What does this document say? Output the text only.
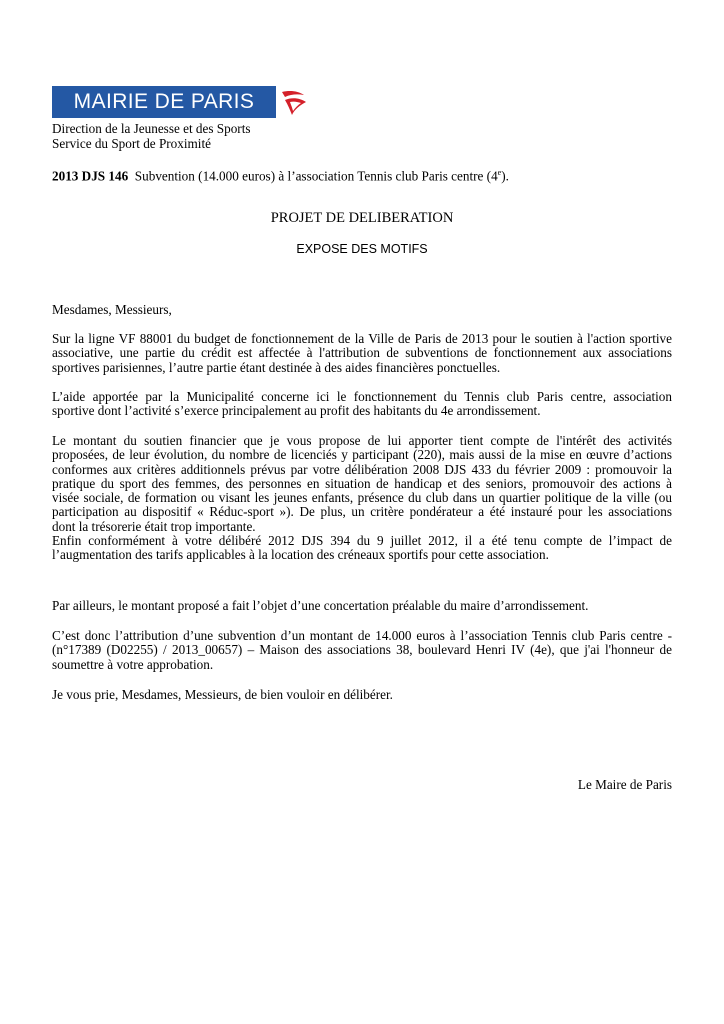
MAIRIE DE PARIS
Direction de la Jeunesse et des Sports
Service du Sport de Proximité
2013 DJS 146 Subvention (14.000 euros) à l’association Tennis club Paris centre (4e).
PROJET DE DELIBERATION
EXPOSE DES MOTIFS
Mesdames, Messieurs,
Sur la ligne VF 88001 du budget de fonctionnement de la Ville de Paris de 2013 pour le soutien à l'action sportive
associative, une partie du crédit est affectée à l'attribution de subventions de fonctionnement aux associations
sportives parisiennes, l’autre partie étant destinée à des aides financières ponctuelles.
L’aide apportée par la Municipalité concerne ici le fonctionnement du Tennis club Paris centre, association
sportive dont l’activité s’exerce principalement au profit des habitants du 4e arrondissement.
Le montant du soutien financier que je vous propose de lui apporter tient compte de l'intérêt des activités
proposées, de leur évolution, du nombre de licenciés y participant (220), mais aussi de la mise en œuvre d’actions
conformes aux critères additionnels prévus par votre délibération 2008 DJS 433 du février 2009 : promouvoir la
pratique du sport des femmes, des personnes en situation de handicap et des seniors, promouvoir des actions à
visée sociale, de formation ou visant les jeunes enfants, présence du club dans un quartier politique de la ville (ou
participation au dispositif « Réduc-sport »). De plus, un critère pondérateur a été instauré pour les associations
dont la trésorerie était trop importante.
Enfin conformément à votre délibéré 2012 DJS 394 du 9 juillet 2012, il a été tenu compte de l’impact de
l’augmentation des tarifs applicables à la location des créneaux sportifs pour cette association.
Par ailleurs, le montant proposé a fait l’objet d’une concertation préalable du maire d’arrondissement.
C’est donc l’attribution d’une subvention d’un montant de 14.000 euros à l’association Tennis club Paris centre -
(n°17389 (D02255) / 2013_00657) – Maison des associations 38, boulevard Henri IV (4e), que j'ai l'honneur de
soumettre à votre approbation.
Je vous prie, Mesdames, Messieurs, de bien vouloir en délibérer.
Le Maire de Paris
